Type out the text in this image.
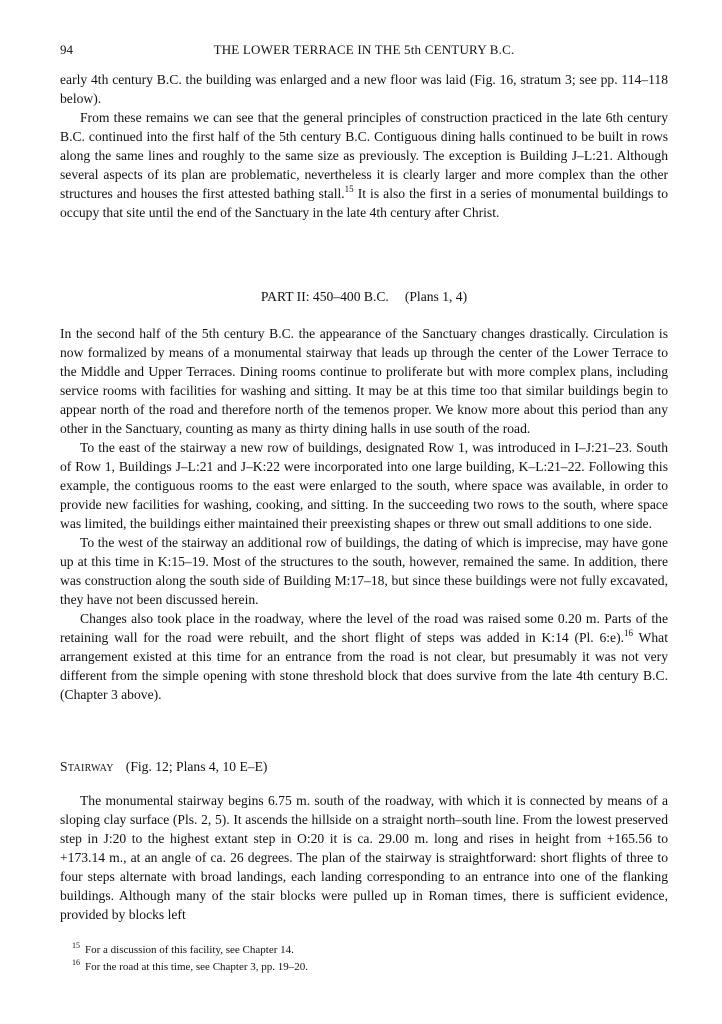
94	THE LOWER TERRACE IN THE 5th CENTURY B.C.

early 4th century B.C. the building was enlarged and a new floor was laid (Fig. 16, stratum 3; see pp. 114–118 below).

From these remains we can see that the general principles of construction practiced in the late 6th century B.C. continued into the first half of the 5th century B.C. Contiguous dining halls continued to be built in rows along the same lines and roughly to the same size as previously. The exception is Building J–L:21. Although several aspects of its plan are problematic, nevertheless it is clearly larger and more complex than the other structures and houses the first attested bathing stall.$^{15}$ It is also the first in a series of monumental buildings to occupy that site until the end of the Sanctuary in the late 4th century after Christ.

PART II: 450–400 B.C. (Plans 1, 4)

In the second half of the 5th century B.C. the appearance of the Sanctuary changes drastically. Circulation is now formalized by means of a monumental stairway that leads up through the center of the Lower Terrace to the Middle and Upper Terraces. Dining rooms continue to proliferate but with more complex plans, including service rooms with facilities for washing and sitting. It may be at this time too that similar buildings begin to appear north of the road and therefore north of the temenos proper. We know more about this period than any other in the Sanctuary, counting as many as thirty dining halls in use south of the road.

To the east of the stairway a new row of buildings, designated Row 1, was introduced in I–J:21–23. South of Row 1, Buildings J–L:21 and J–K:22 were incorporated into one large building, K–L:21–22. Following this example, the contiguous rooms to the east were enlarged to the south, where space was available, in order to provide new facilities for washing, cooking, and sitting. In the succeeding two rows to the south, where space was limited, the buildings either maintained their preexisting shapes or threw out small additions to one side.

To the west of the stairway an additional row of buildings, the dating of which is imprecise, may have gone up at this time in K:15–19. Most of the structures to the south, however, remained the same. In addition, there was construction along the south side of Building M:17–18, but since these buildings were not fully excavated, they have not been discussed herein.

Changes also took place in the roadway, where the level of the road was raised some 0.20 m. Parts of the retaining wall for the road were rebuilt, and the short flight of steps was added in K:14 (Pl. 6:e).$^{16}$ What arrangement existed at this time for an entrance from the road is not clear, but presumably it was not very different from the simple opening with stone threshold block that does survive from the late 4th century B.C. (Chapter 3 above).

Stairway (Fig. 12; Plans 4, 10 E–E)

The monumental stairway begins 6.75 m. south of the roadway, with which it is connected by means of a sloping clay surface (Pls. 2, 5). It ascends the hillside on a straight north–south line. From the lowest preserved step in J:20 to the highest extant step in O:20 it is ca. 29.00 m. long and rises in height from +165.56 to +173.14 m., at an angle of ca. 26 degrees. The plan of the stairway is straightforward: short flights of three to four steps alternate with broad landings, each landing corresponding to an entrance into one of the flanking buildings. Although many of the stair blocks were pulled up in Roman times, there is sufficient evidence, provided by blocks left

$^{15}$ For a discussion of this facility, see Chapter 14.
$^{16}$ For the road at this time, see Chapter 3, pp. 19–20.
